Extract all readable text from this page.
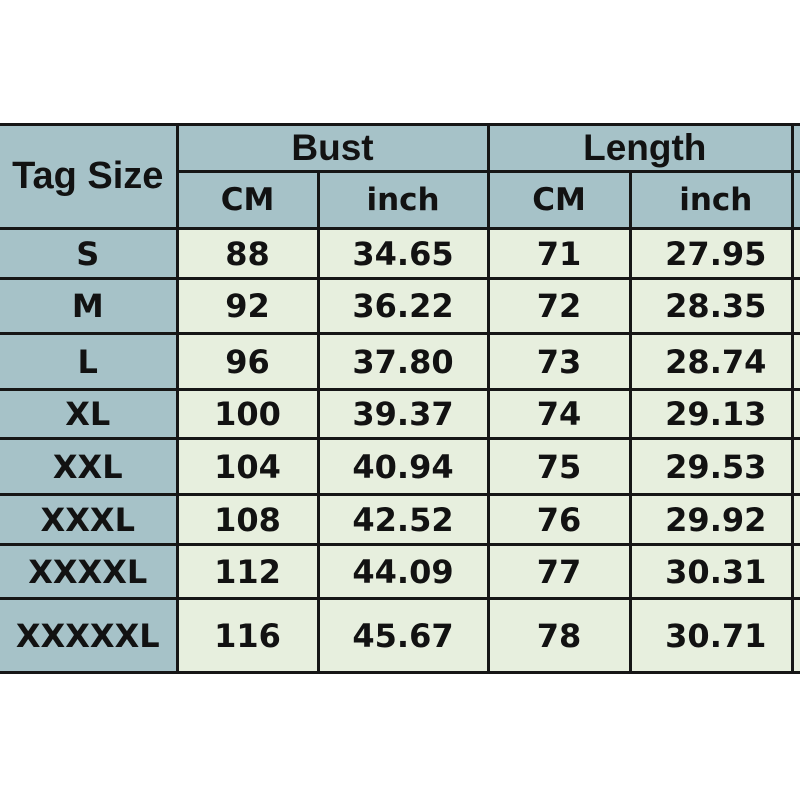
Tag Size	Bust		Length	
	CM	inch	CM	inch
S	88	34.65	71	27.95
M	92	36.22	72	28.35
L	96	37.80	73	28.74
XL	100	39.37	74	29.13
XXL	104	40.94	75	29.53
XXXL	108	42.52	76	29.92
XXXXL	112	44.09	77	30.31
XXXXXL	116	45.67	78	30.71
